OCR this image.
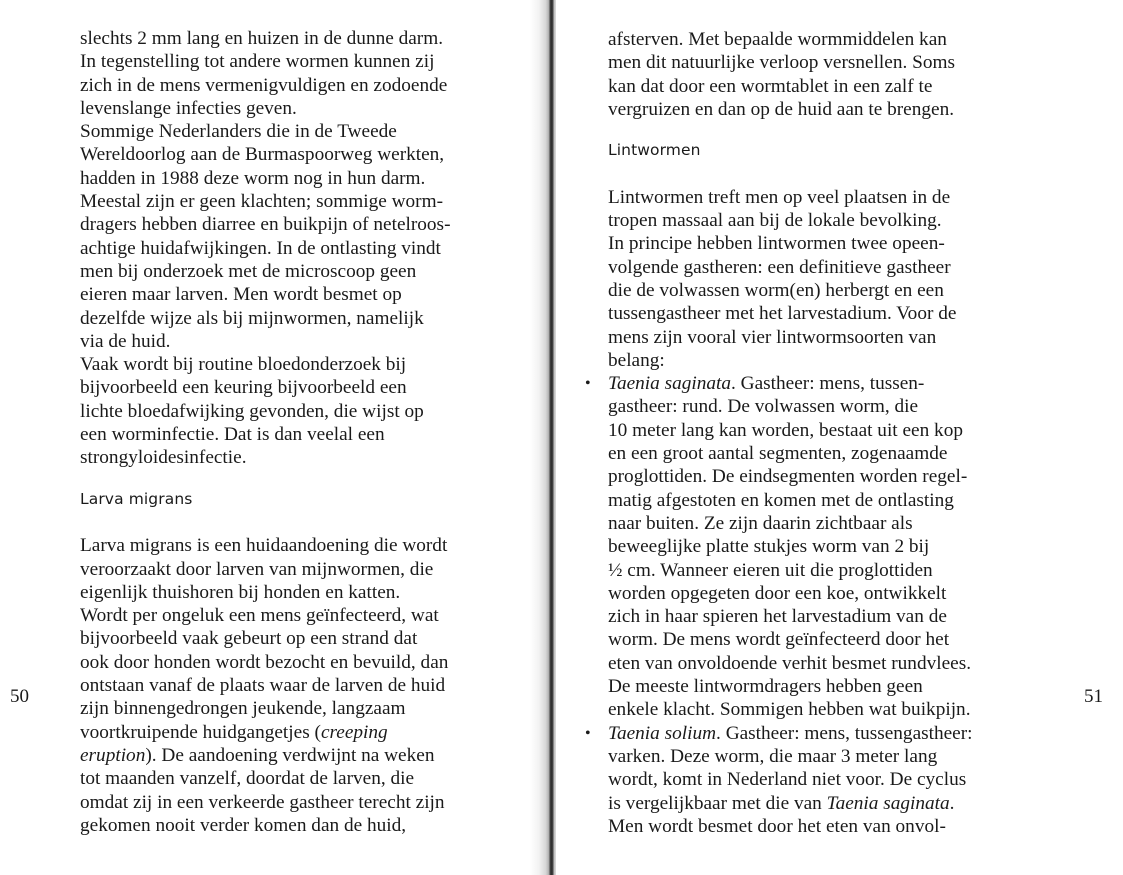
slechts 2 mm lang en huizen in de dunne darm.
In tegenstelling tot andere wormen kunnen zij
zich in de mens vermenigvuldigen en zodoende
levenslange infecties geven.
Sommige Nederlanders die in de Tweede
Wereldoorlog aan de Burmaspoorweg werkten,
hadden in 1988 deze worm nog in hun darm.
Meestal zijn er geen klachten; sommige worm-
dragers hebben diarree en buikpijn of netelroos-
achtige huidafwijkingen. In de ontlasting vindt
men bij onderzoek met de microscoop geen
eieren maar larven. Men wordt besmet op
dezelfde wijze als bij mijnwormen, namelijk
via de huid.
Vaak wordt bij routine bloedonderzoek bij
bijvoorbeeld een keuring bijvoorbeeld een
lichte bloedafwijking gevonden, die wijst op
een worminfectie. Dat is dan veelal een
strongyloidesinfectie.
Larva migrans
Larva migrans is een huidaandoening die wordt
veroorzaakt door larven van mijnwormen, die
eigenlijk thuishoren bij honden en katten.
Wordt per ongeluk een mens geïnfecteerd, wat
bijvoorbeeld vaak gebeurt op een strand dat
ook door honden wordt bezocht en bevuild, dan
ontstaan vanaf de plaats waar de larven de huid
zijn binnengedrongen jeukende, langzaam
voortkruipende huidgangetjes (creeping
eruption). De aandoening verdwijnt na weken
tot maanden vanzelf, doordat de larven, die
omdat zij in een verkeerde gastheer terecht zijn
gekomen nooit verder komen dan de huid,
50
afsterven. Met bepaalde wormmiddelen kan
men dit natuurlijke verloop versnellen. Soms
kan dat door een wormtablet in een zalf te
vergruizen en dan op de huid aan te brengen.
Lintwormen
Lintwormen treft men op veel plaatsen in de
tropen massaal aan bij de lokale bevolking.
In principe hebben lintwormen twee opeen-
volgende gastheren: een definitieve gastheer
die de volwassen worm(en) herbergt en een
tussengastheer met het larvestadium. Voor de
mens zijn vooral vier lintwormsoorten van
belang:
• Taenia saginata. Gastheer: mens, tussen-
gastheer: rund. De volwassen worm, die
10 meter lang kan worden, bestaat uit een kop
en een groot aantal segmenten, zogenaamde
proglottiden. De eindsegmenten worden regel-
matig afgestoten en komen met de ontlasting
naar buiten. Ze zijn daarin zichtbaar als
beweeglijke platte stukjes worm van 2 bij
½ cm. Wanneer eieren uit die proglottiden
worden opgegeten door een koe, ontwikkelt
zich in haar spieren het larvestadium van de
worm. De mens wordt geïnfecteerd door het
eten van onvoldoende verhit besmet rundvlees.
De meeste lintwormdragers hebben geen
enkele klacht. Sommigen hebben wat buikpijn.
• Taenia solium. Gastheer: mens, tussengastheer:
varken. Deze worm, die maar 3 meter lang
wordt, komt in Nederland niet voor. De cyclus
is vergelijkbaar met die van Taenia saginata.
Men wordt besmet door het eten van onvol-
51
